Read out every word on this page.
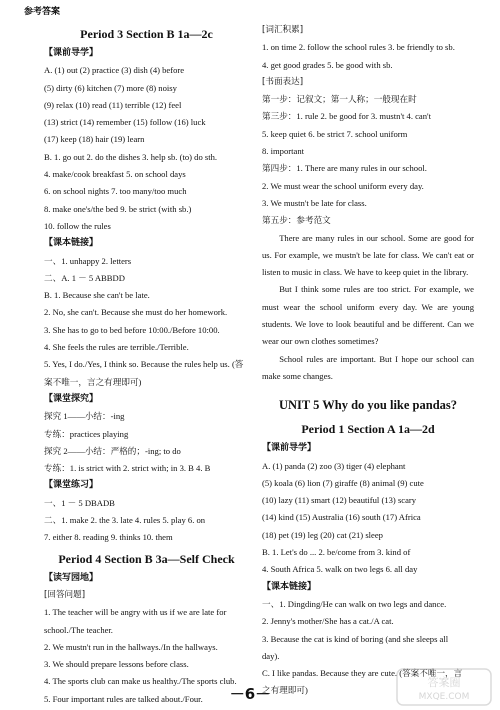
参考答案
Period 3 Section B 1a—2c
【课前导学】
A. (1) out (2) practice (3) dish (4) before
(5) dirty (6) kitchen (7) more (8) noisy
(9) relax (10) read (11) terrible (12) feel
(13) strict (14) remember (15) follow (16) luck
(17) keep (18) hair (19) learn
B. 1. go out 2. do the dishes 3. help sb. (to) do sth.
4. make/cook breakfast 5. on school days
6. on school nights 7. too many/too much
8. make one's/the bed 9. be strict (with sb.)
10. follow the rules
【课本链接】
一、1. unhappy 2. letters
二、A. 1 － 5 ABBDD
B. 1. Because she can't be late.
2. No, she can't. Because she must do her homework.
3. She has to go to bed before 10:00./Before 10:00.
4. She feels the rules are terrible./Terrible.
5. Yes, I do./Yes, I think so. Because the rules help us. (答
案不唯一，言之有理即可)
【课堂探究】
探究 1——小结：-ing
专练：practices playing
探究 2——小结：严格的；-ing; to do
专练：1. is strict with 2. strict with; in 3. B 4. B
【课堂练习】
一、1 － 5 DBADB
二、1. make 2. the 3. late 4. rules 5. play 6. on
7. either 8. reading 9. thinks 10. them
Period 4 Section B 3a—Self Check
【读写园地】
[回答问题]
1. The teacher will be angry with us if we are late for
school./The teacher.
2. We mustn't run in the hallways./In the hallways.
3. We should prepare lessons before class.
4. The sports club can make us healthy./The sports club.
5. Four important rules are talked about./Four.
[词汇积累]
1. on time 2. follow the school rules 3. be friendly to sb.
4. get good grades 5. be good with sb.
[书面表达]
第一步：记叙文；第一人称；一般现在时
第三步：1. rule 2. be good for 3. mustn't 4. can't
5. keep quiet 6. be strict 7. school uniform
8. important
第四步：1. There are many rules in our school.
2. We must wear the school uniform every day.
3. We mustn't be late for class.
第五步：参考范文
There are many rules in our school. Some are good for us. For example, we mustn't be late for class. We can't eat or listen to music in class. We have to keep quiet in the library.
But I think some rules are too strict. For example, we must wear the school uniform every day. We are young students. We love to look beautiful and be different. Can we wear our own clothes sometimes?
School rules are important. But I hope our school can make some changes.
UNIT 5 Why do you like pandas?
Period 1 Section A 1a—2d
【课前导学】
A. (1) panda (2) zoo (3) tiger (4) elephant
(5) koala (6) lion (7) giraffe (8) animal (9) cute
(10) lazy (11) smart (12) beautiful (13) scary
(14) kind (15) Australia (16) south (17) Africa
(18) pet (19) leg (20) cat (21) sleep
B. 1. Let's do ... 2. be/come from 3. kind of
4. South Africa 5. walk on two legs 6. all day
【课本链接】
一、1. Dingding/He can walk on two legs and dance.
2. Jenny's mother/She has a cat./A cat.
3. Because the cat is kind of boring (and she sleeps all
day).
C. I like pandas. Because they are cute. (答案不唯一，言
之有理即可)
－6－
答案圈
MXQE.COM
